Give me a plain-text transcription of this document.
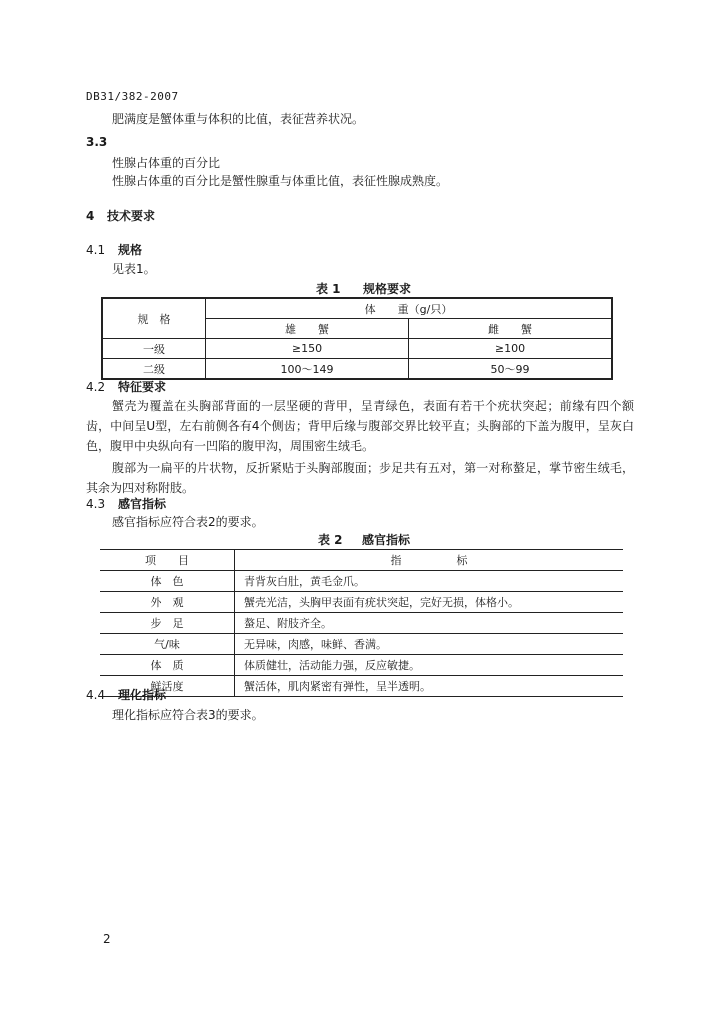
DB31/382-2007
肥满度是蟹体重与体积的比值，表征营养状况。
3.3
性腺占体重的百分比
性腺占体重的百分比是蟹性腺重与体重比值，表征性腺成熟度。
4 技术要求
4.1 规格
见表1。
表 1 规格要求
规　格	体　　重（g/只）	
	雄　　蟹	雌　　蟹
一级	≥150	≥100
二级	100～149	50～99
4.2 特征要求
蟹壳为覆盖在头胸部背面的一层坚硬的背甲，呈青绿色，表面有若干个疣状突起；前缘有四个额齿，中间呈U型，左右前侧各有4个侧齿；背甲后缘与腹部交界比较平直；头胸部的下盖为腹甲，呈灰白色，腹甲中央纵向有一凹陷的腹甲沟，周围密生绒毛。
腹部为一扁平的片状物，反折紧贴于头胸部腹面；步足共有五对，第一对称螯足，掌节密生绒毛，其余为四对称附肢。
4.3 感官指标
感官指标应符合表2的要求。
表 2 感官指标
项　　目	指　　　　　标
体　色	青背灰白肚，黄毛金爪。
外　观	蟹壳光洁，头胸甲表面有疣状突起，完好无损，体格小。
步　足	螯足、附肢齐全。
气/味	无异味，肉感，味鲜、香满。
体　质	体质健壮，活动能力强，反应敏捷。
鲜活度	蟹活体，肌肉紧密有弹性，呈半透明。
4.4 理化指标
理化指标应符合表3的要求。
2
